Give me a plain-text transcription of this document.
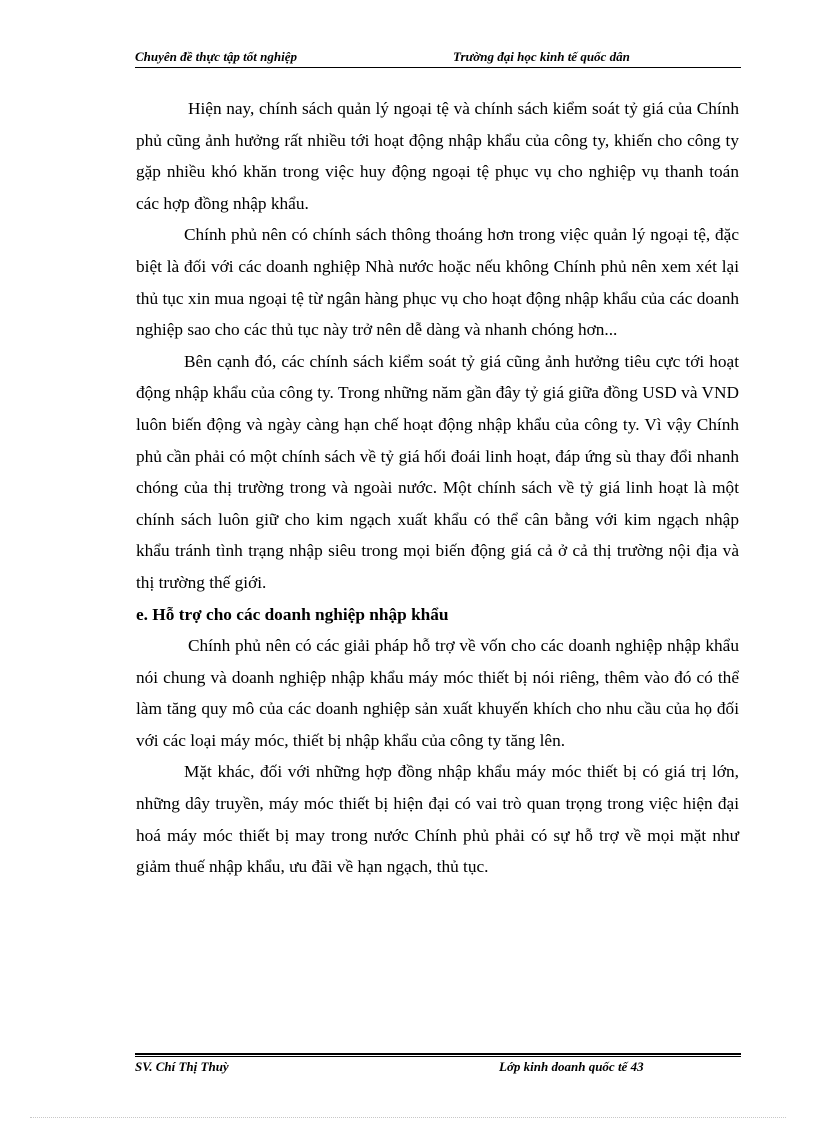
Chuyên đề thực tập tốt nghiệp	Trường đại học kinh tế quốc dân

Hiện nay, chính sách quản lý ngoại tệ và chính sách kiểm soát tỷ giá của Chính phủ cũng ảnh hưởng rất nhiều tới hoạt động nhập khẩu của công ty, khiến cho công ty gặp nhiều khó khăn trong việc huy động ngoại tệ phục vụ cho nghiệp vụ thanh toán các hợp đồng nhập khẩu.

Chính phủ nên có chính sách thông thoáng hơn trong việc quản lý ngoại tệ, đặc biệt là đối với các doanh nghiệp Nhà nước hoặc nếu không Chính phủ nên xem xét lại thủ tục xin mua ngoại tệ từ ngân hàng phục vụ cho hoạt động nhập khẩu của các doanh nghiệp sao cho các thủ tục này trở nên dễ dàng và nhanh chóng hơn...

Bên cạnh đó, các chính sách kiểm soát tỷ giá cũng ảnh hưởng tiêu cực tới hoạt động nhập khẩu của công ty. Trong những năm gần đây tỷ giá giữa đồng USD và VND luôn biến động và ngày càng hạn chế hoạt động nhập khẩu của công ty. Vì vậy Chính phủ cần phải có một chính sách về tỷ giá hối đoái linh hoạt, đáp ứng sù thay đổi nhanh chóng của thị trường trong và ngoài nước. Một chính sách về tỷ giá linh hoạt là một chính sách luôn giữ cho kim ngạch xuất khẩu có thể cân bằng với kim ngạch nhập khẩu tránh tình trạng nhập siêu trong mọi biến động giá cả ở cả thị trường nội địa và thị trường thế giới.

e. Hỗ trợ cho các doanh nghiệp nhập khẩu

Chính phủ nên có các giải pháp hỗ trợ về vốn cho các doanh nghiệp nhập khẩu nói chung và doanh nghiệp nhập khẩu máy móc thiết bị nói riêng, thêm vào đó có thể làm tăng quy mô của các doanh nghiệp sản xuất khuyến khích cho nhu cầu của họ đối với các loại máy móc, thiết bị nhập khẩu của công ty tăng lên.

Mặt khác, đối với những hợp đồng nhập khẩu máy móc thiết bị có giá trị lớn, những dây truyền, máy móc thiết bị hiện đại có vai trò quan trọng trong việc hiện đại hoá máy móc thiết bị may trong nước Chính phủ phải có sự hỗ trợ về mọi mặt như giảm thuế nhập khẩu, ưu đãi về hạn ngạch, thủ tục.

SV. Chí Thị Thuỳ	Lớp kinh doanh quốc tế 43
